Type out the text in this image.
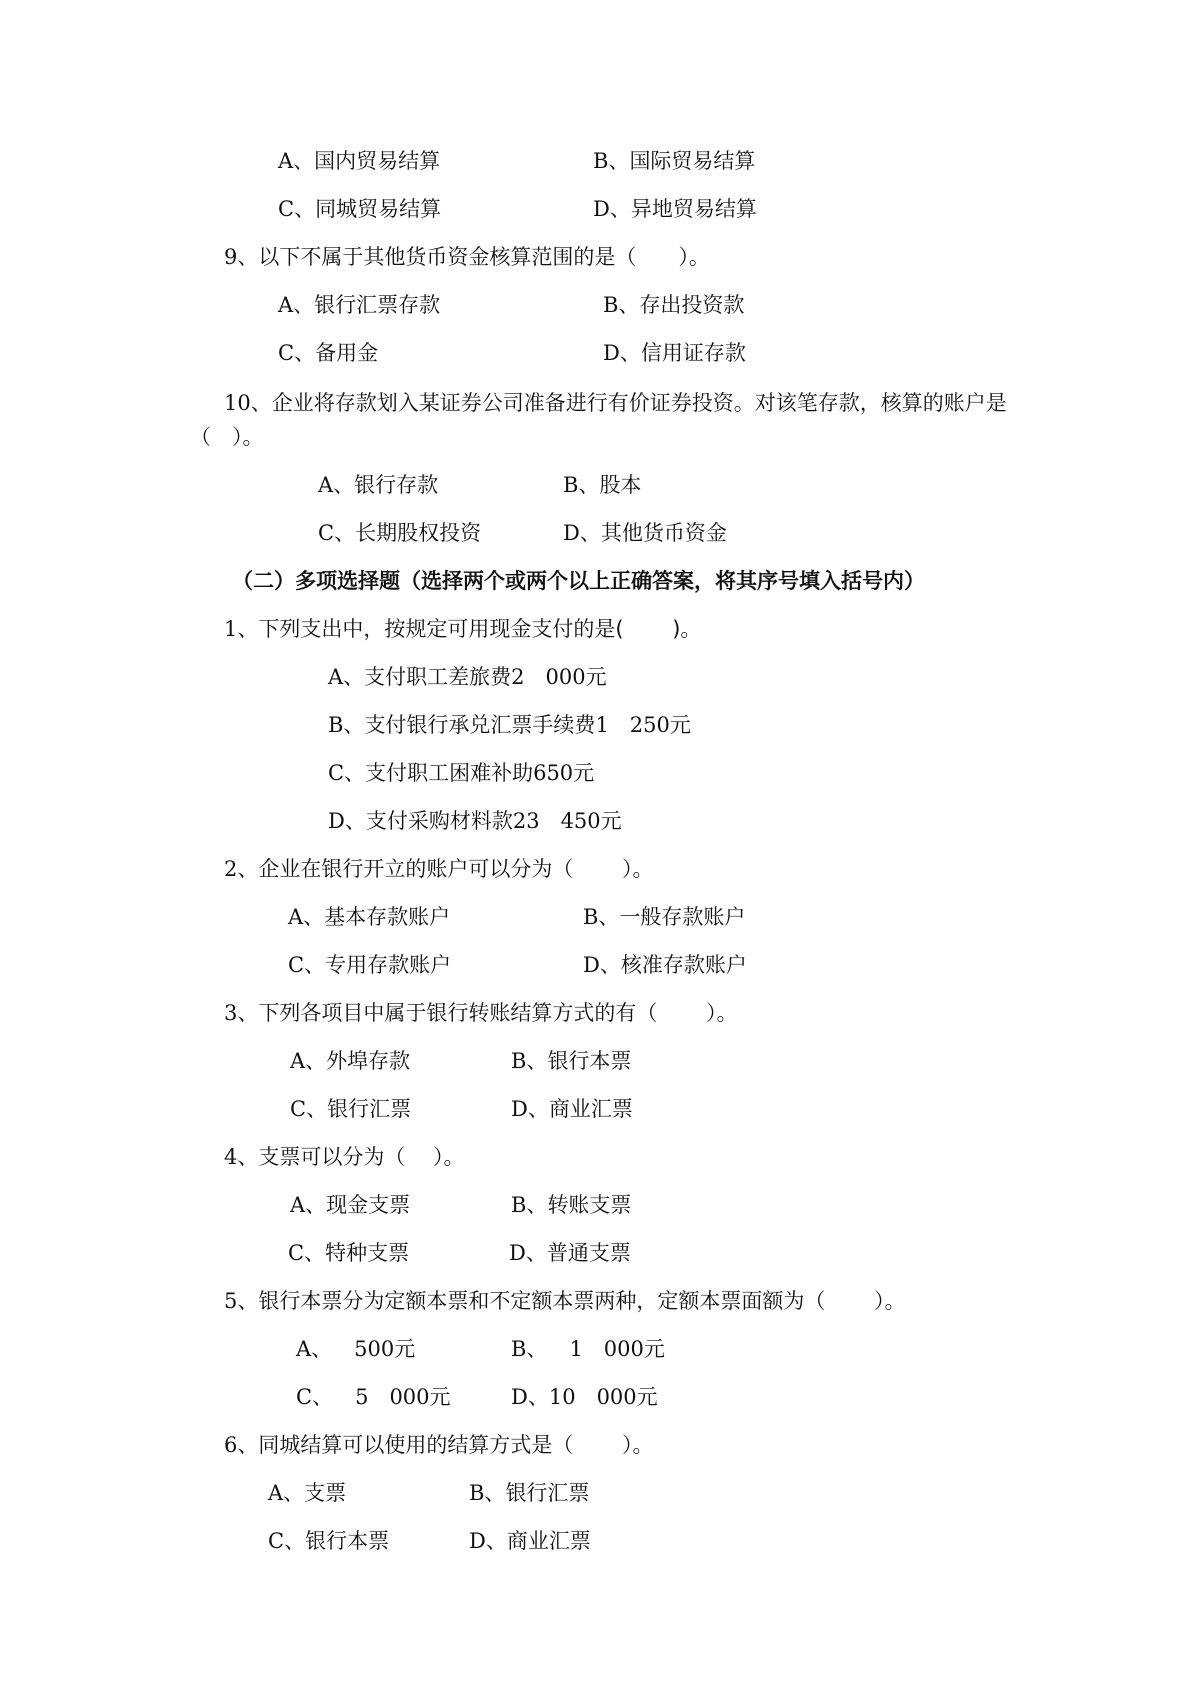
A、国内贸易结算	B、国际贸易结算
C、同城贸易结算	D、异地贸易结算
9、以下不属于其他货币资金核算范围的是（　　）。
A、银行汇票存款	B、存出投资款
C、备用金	D、信用证存款
10、企业将存款划入某证券公司准备进行有价证券投资。对该笔存款，核算的账户是
（　）。
A、银行存款	B、股本
C、长期股权投资	D、其他货币资金
（二）多项选择题（选择两个或两个以上正确答案，将其序号填入括号内）
1、下列支出中，按规定可用现金支付的是(　　 )。
A、支付职工差旅费2　000元
B、支付银行承兑汇票手续费1　250元
C、支付职工困难补助650元
D、支付采购材料款23　450元
2、企业在银行开立的账户可以分为（　　 ）。
A、基本存款账户	B、一般存款账户
C、专用存款账户	D、核准存款账户
3、下列各项目中属于银行转账结算方式的有（　　 ）。
A、外埠存款	B、银行本票
C、银行汇票	D、商业汇票
4、支票可以分为（　 ）。
A、现金支票	B、转账支票
C、特种支票	D、普通支票
5、银行本票分为定额本票和不定额本票两种，定额本票面额为（　　 ）。
A、 500元	B、 1　000元
C、 5　000元	D、10　000元
6、同城结算可以使用的结算方式是（　　 ）。
A、支票	B、银行汇票
C、银行本票	D、商业汇票
